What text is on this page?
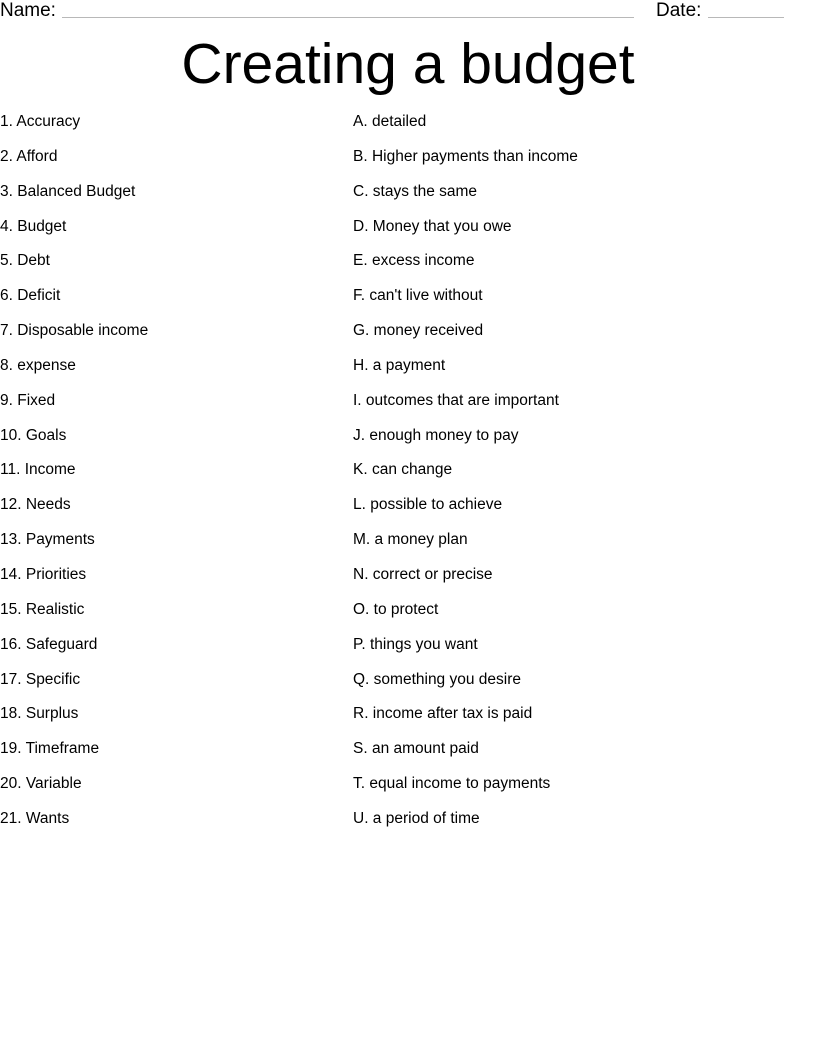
Name:	Date:
Creating a budget
1. Accuracy
2. Afford
3. Balanced Budget
4. Budget
5. Debt
6. Deficit
7. Disposable income
8. expense
9. Fixed
10. Goals
11. Income
12. Needs
13. Payments
14. Priorities
15. Realistic
16. Safeguard
17. Specific
18. Surplus
19. Timeframe
20. Variable
21. Wants
A. detailed
B. Higher payments than income
C. stays the same
D. Money that you owe
E. excess income
F. can't live without
G. money received
H. a payment
I. outcomes that are important
J. enough money to pay
K. can change
L. possible to achieve
M. a money plan
N. correct or precise
O. to protect
P. things you want
Q. something you desire
R. income after tax is paid
S. an amount paid
T. equal income to payments
U. a period of time
